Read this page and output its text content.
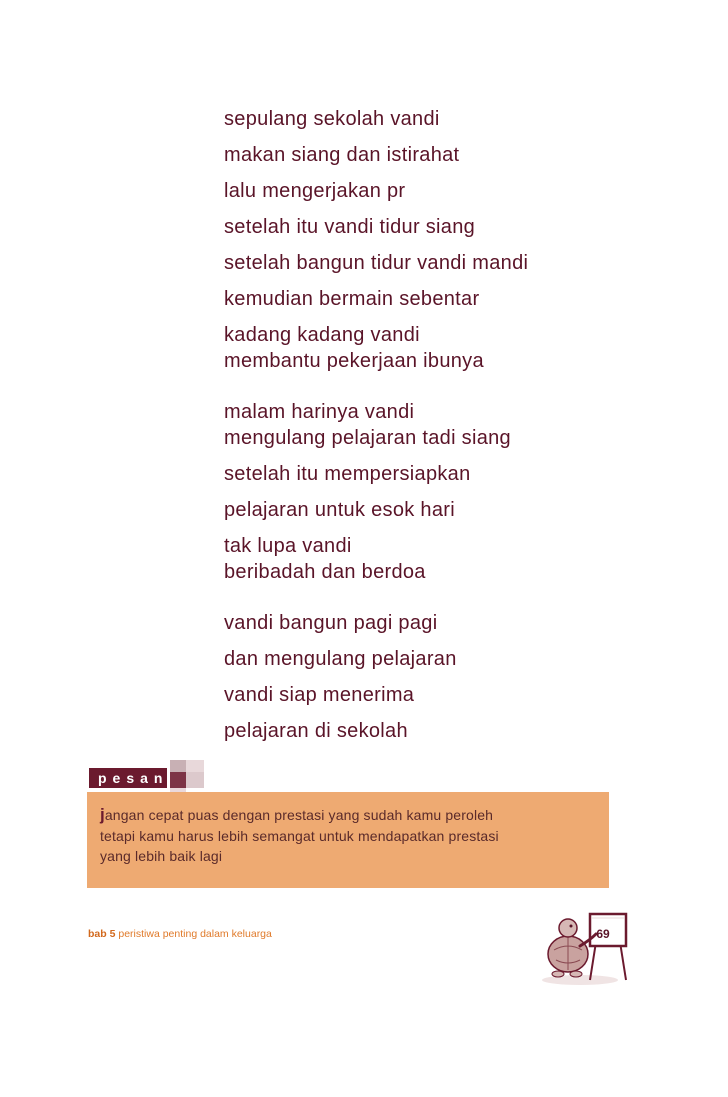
sepulang sekolah vandi
makan siang dan istirahat
lalu mengerjakan pr
setelah itu vandi tidur siang
setelah bangun tidur vandi mandi
kemudian bermain sebentar
kadang kadang vandi
membantu pekerjaan ibunya
malam harinya vandi
mengulang pelajaran tadi siang
setelah itu mempersiapkan
pelajaran untuk esok hari
tak lupa vandi
beribadah dan berdoa
vandi bangun pagi pagi
dan mengulang pelajaran
vandi siap menerima
pelajaran di sekolah
pesan
jangan cepat puas dengan prestasi yang sudah kamu peroleh
tetapi kamu harus lebih semangat untuk mendapatkan prestasi
yang lebih baik lagi
bab 5 peristiwa penting dalam keluarga	69
